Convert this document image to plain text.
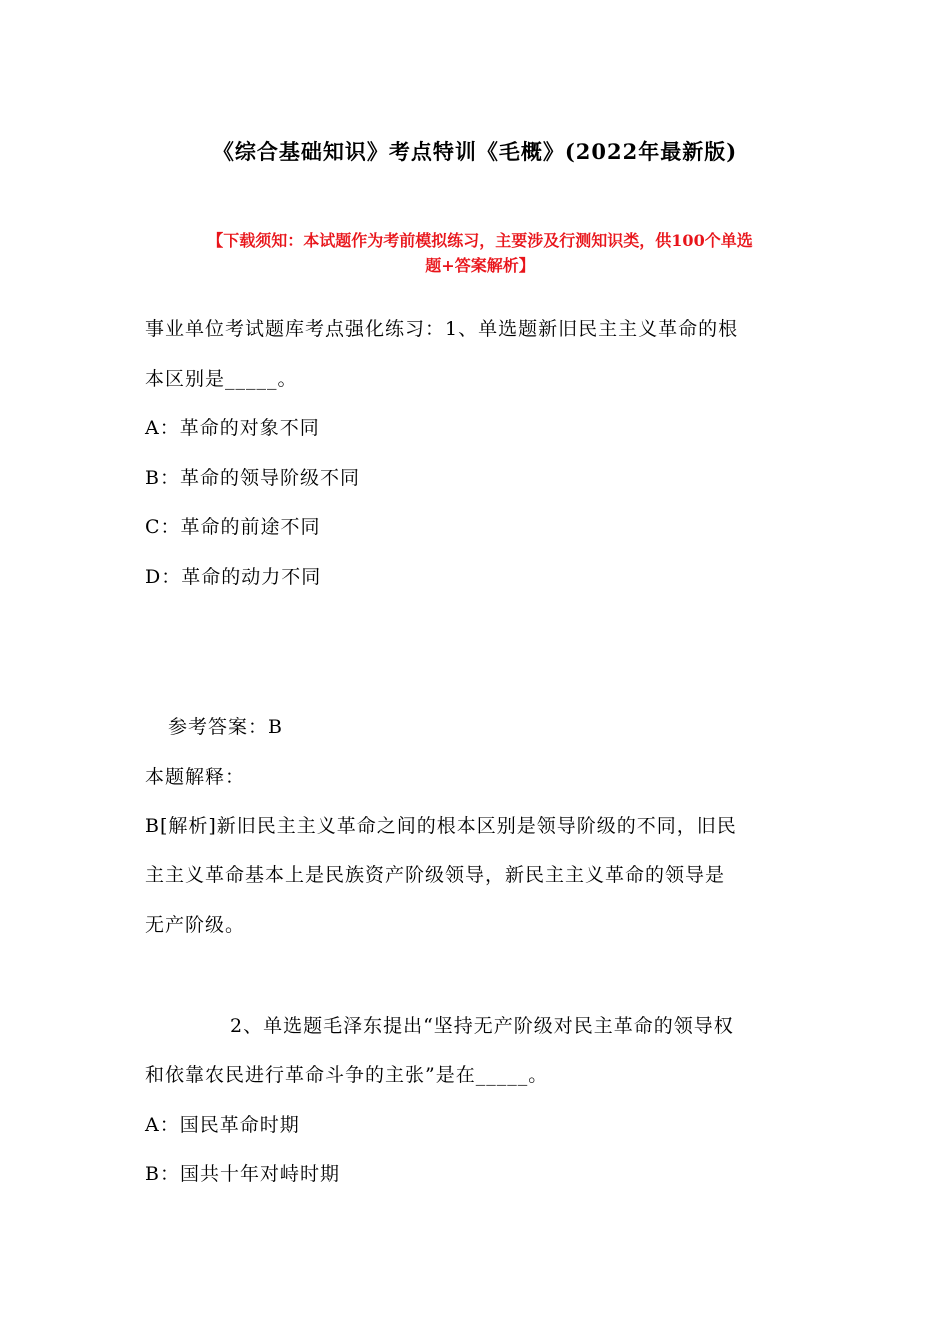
《综合基础知识》考点特训《毛概》(2022年最新版)
【下载须知：本试题作为考前模拟练习，主要涉及行测知识类，供100个单选
题+答案解析】
事业单位考试题库考点强化练习：1、单选题新旧民主主义革命的根
本区别是_____。
A：革命的对象不同
B：革命的领导阶级不同
C：革命的前途不同
D：革命的动力不同
参考答案：B
本题解释：
B[解析]新旧民主主义革命之间的根本区别是领导阶级的不同，旧民
主主义革命基本上是民族资产阶级领导，新民主主义革命的领导是
无产阶级。
2、单选题毛泽东提出“坚持无产阶级对民主革命的领导权
和依靠农民进行革命斗争的主张”是在_____。
A：国民革命时期
B：国共十年对峙时期
